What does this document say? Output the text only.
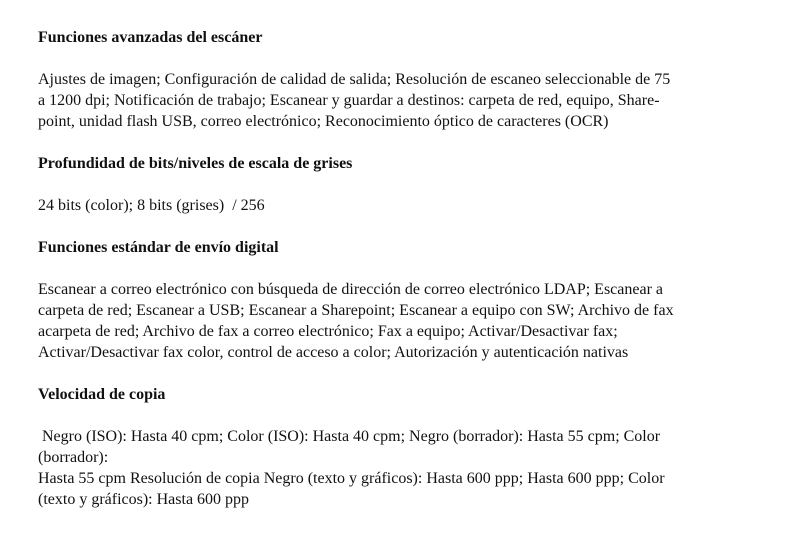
Funciones avanzadas del escáner
Ajustes de imagen; Configuración de calidad de salida; Resolución de escaneo seleccionable de 75
a 1200 dpi; Notificación de trabajo; Escanear y guardar a destinos: carpeta de red, equipo, Share-
point, unidad flash USB, correo electrónico; Reconocimiento óptico de caracteres (OCR)
Profundidad de bits/niveles de escala de grises
24 bits (color); 8 bits (grises)  / 256
Funciones estándar de envío digital
Escanear a correo electrónico con búsqueda de dirección de correo electrónico LDAP; Escanear a
carpeta de red; Escanear a USB; Escanear a Sharepoint; Escanear a equipo con SW; Archivo de fax
acarpeta de red; Archivo de fax a correo electrónico; Fax a equipo; Activar/Desactivar fax;
Activar/Desactivar fax color, control de acceso a color; Autorización y autenticación nativas
Velocidad de copia
Negro (ISO): Hasta 40 cpm; Color (ISO): Hasta 40 cpm; Negro (borrador): Hasta 55 cpm; Color
(borrador):
Hasta 55 cpm Resolución de copia Negro (texto y gráficos): Hasta 600 ppp; Hasta 600 ppp; Color
(texto y gráficos): Hasta 600 ppp
